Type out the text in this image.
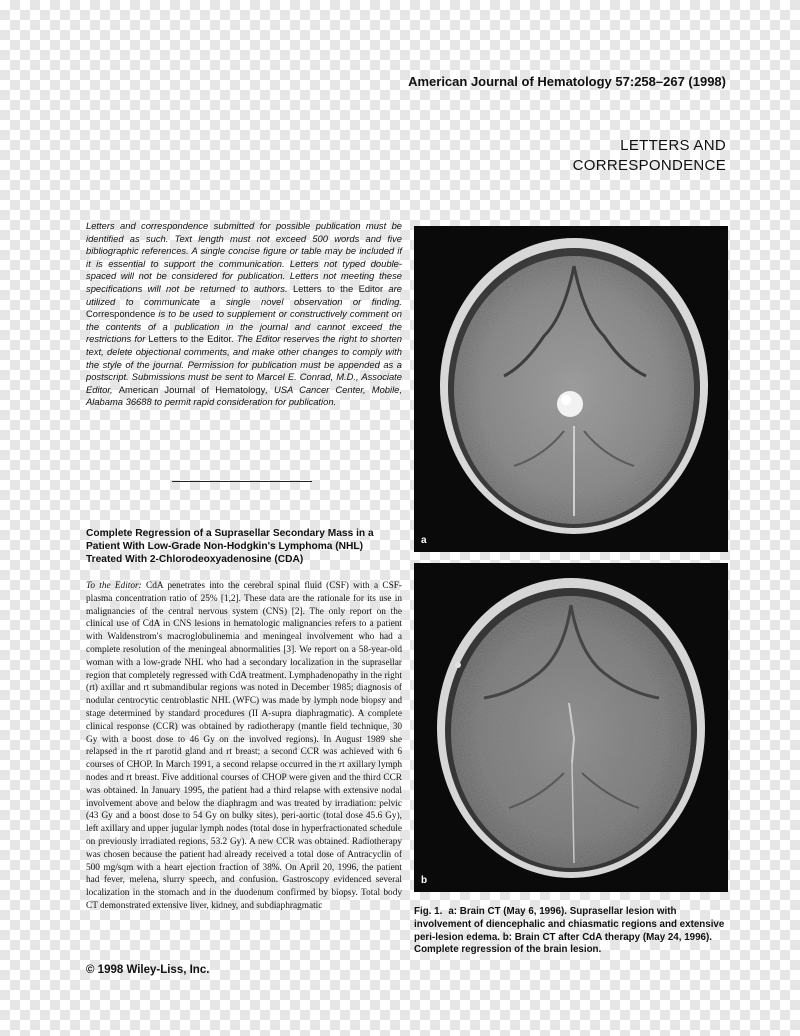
American Journal of Hematology 57:258–267 (1998)

LETTERS AND CORRESPONDENCE

Letters and correspondence submitted for possible publication must be identified as such. Text length must not exceed 500 words and five bibliographic references. A single concise figure or table may be included if it is essential to support the communication. Letters not typed double-spaced will not be considered for publication. Letters not meeting these specifications will not be returned to authors. Letters to the Editor are utilized to communicate a single novel observation or finding. Correspondence is to be used to supplement or constructively comment on the contents of a publication in the journal and cannot exceed the restrictions for Letters to the Editor. The Editor reserves the right to shorten text, delete objectional comments, and make other changes to comply with the style of the journal. Permission for publication must be appended as a postscript. Submissions must be sent to Marcel E. Conrad, M.D., Associate Editor, American Journal of Hematology, USA Cancer Center, Mobile, Alabama 36688 to permit rapid consideration for publication.

Complete Regression of a Suprasellar Secondary Mass in a Patient With Low-Grade Non-Hodgkin's Lymphoma (NHL) Treated With 2-Chlorodeoxyadenosine (CDA)

To the Editor: CdA penetrates into the cerebral spinal fluid (CSF) with a CSF-plasma concentration ratio of 25% [1,2]. These data are the rationale for its use in malignancies of the central nervous system (CNS) [2]. The only report on the clinical use of CdA in CNS lesions in hematologic malignancies refers to a patient with Waldenstrom's macroglobulinemia and meningeal involvement who had a complete resolution of the meningeal abnormalities [3]. We report on a 58-year-old woman with a low-grade NHL who had a secondary localization in the suprasellar region that completely regressed with CdA treatment. Lymphadenopathy in the right (rt) axillar and rt submandibular regions was noted in December 1985; diagnosis of nodular centrocytic centroblastic NHL (WFC) was made by lymph node biopsy and stage determined by standard procedures (II A-supra diaphragmatic). A complete clinical response (CCR) was obtained by radiotherapy (mantle field technique, 30 Gy with a boost dose to 46 Gy on the involved regions). In August 1989 she relapsed in the rt parotid gland and rt breast; a second CCR was achieved with 6 courses of CHOP. In March 1991, a second relapse occurred in the rt axillary lymph nodes and rt breast. Five additional courses of CHOP were given and the third CCR was obtained. In January 1995, the patient had a third relapse with extensive nodal involvement above and below the diaphragm and was treated by irradiation: pelvic (43 Gy and a boost dose to 54 Gy on bulky sites), peri-aortic (total dose 45.6 Gy), left axillary and upper jugular lymph nodes (total dose in hyperfractionated schedule on previously irradiated regions, 53.2 Gy). A new CCR was obtained. Radiotherapy was chosen because the patient had already received a total dose of Antracyclin of 500 mg/sqm with a heart ejection fraction of 38%. On April 20, 1996, the patient had fever, melena, slurry speech, and confusion. Gastroscopy evidenced several localization in the stomach and in the duodenum confirmed by biopsy. Total body CT demonstrated extensive liver, kidney, and subdiaphragmatic

© 1998 Wiley-Liss, Inc.

a

b

Fig. 1. a: Brain CT (May 6, 1996). Suprasellar lesion with involvement of diencephalic and chiasmatic regions and extensive peri-lesion edema. b: Brain CT after CdA therapy (May 24, 1996). Complete regression of the brain lesion.
